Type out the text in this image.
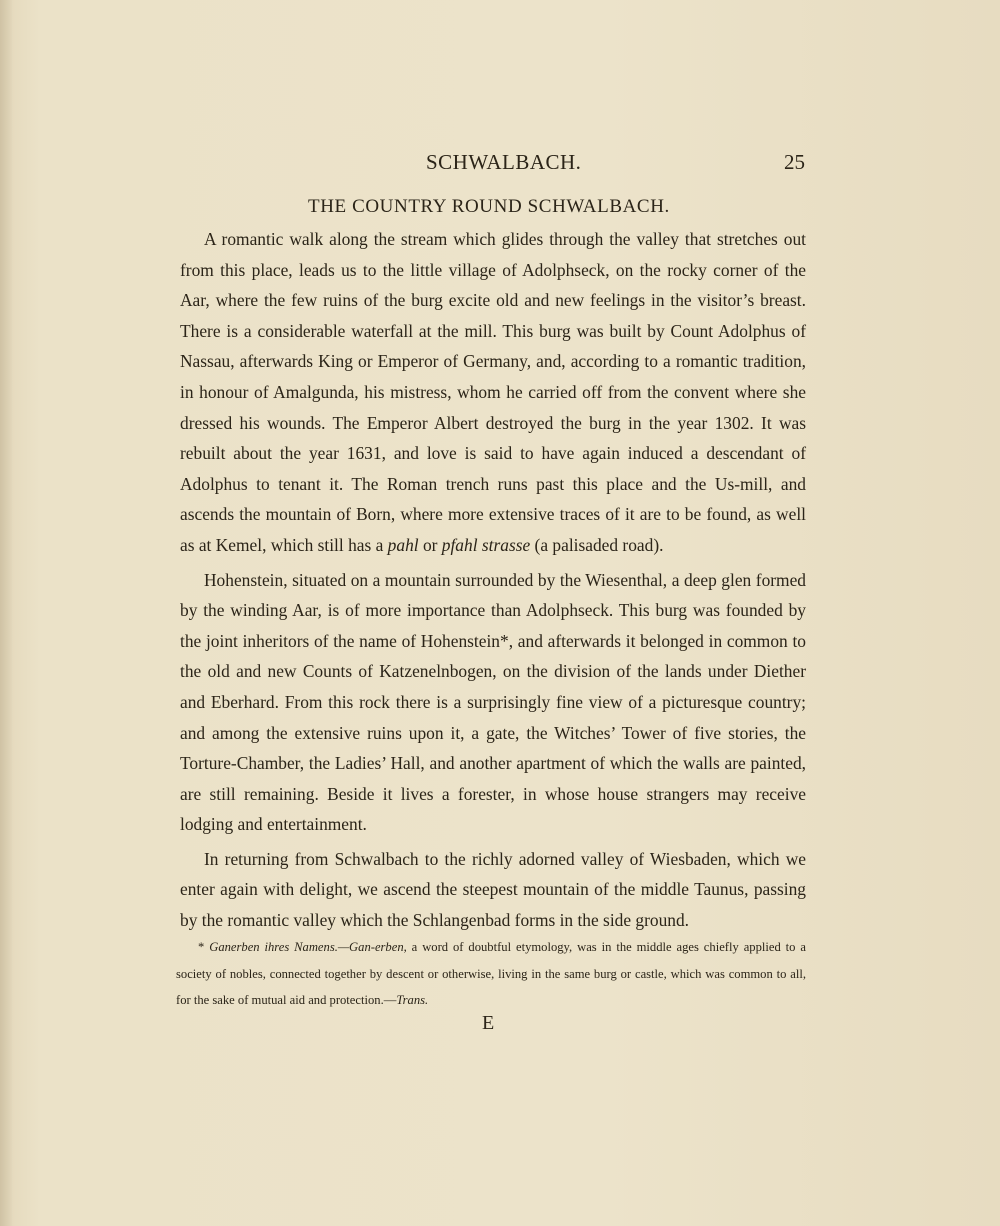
SCHWALBACH.	25
THE COUNTRY ROUND SCHWALBACH.

A romantic walk along the stream which glides through the valley that stretches out from this place, leads us to the little village of Adolphseck, on the rocky corner of the Aar, where the few ruins of the burg excite old and new feelings in the visitor’s breast. There is a considerable waterfall at the mill. This burg was built by Count Adolphus of Nassau, afterwards King or Emperor of Germany, and, according to a romantic tradition, in honour of Amalgunda, his mistress, whom he carried off from the convent where she dressed his wounds. The Emperor Albert destroyed the burg in the year 1302. It was rebuilt about the year 1631, and love is said to have again induced a descendant of Adolphus to tenant it. The Roman trench runs past this place and the Us-mill, and ascends the mountain of Born, where more extensive traces of it are to be found, as well as at Kemel, which still has a pahl or pfahl strasse (a palisaded road).

Hohenstein, situated on a mountain surrounded by the Wiesenthal, a deep glen formed by the winding Aar, is of more importance than Adolphseck. This burg was founded by the joint inheritors of the name of Hohenstein*, and afterwards it belonged in common to the old and new Counts of Katzenelnbogen, on the division of the lands under Diether and Eberhard. From this rock there is a surprisingly fine view of a picturesque country; and among the extensive ruins upon it, a gate, the Witches’ Tower of five stories, the Torture-Chamber, the Ladies’ Hall, and another apartment of which the walls are painted, are still remaining. Beside it lives a forester, in whose house strangers may receive lodging and entertainment.

In returning from Schwalbach to the richly adorned valley of Wiesbaden, which we enter again with delight, we ascend the steepest mountain of the middle Taunus, passing by the romantic valley which the Schlangenbad forms in the side ground.

* Ganerben ihres Namens.—Gan-erben, a word of doubtful etymology, was in the middle ages chiefly applied to a society of nobles, connected together by descent or otherwise, living in the same burg or castle, which was common to all, for the sake of mutual aid and protection.—Trans.

E
